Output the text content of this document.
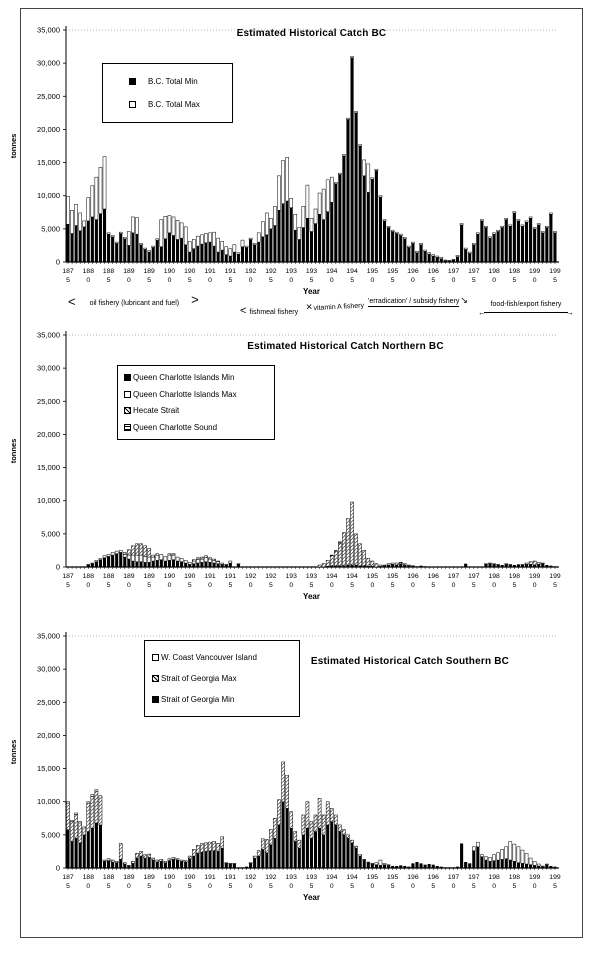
Estimated Historical Catch BC
B.C. Total Min
B.C. Total Max
35,000
30,000
25,000
20,000
15,000
10,000
5,000
0
187
5
188
0
188
5
189
0
189
5
190
0
190
5
191
0
191
5
192
0
192
5
193
0
193
5
194
0
194
5
195
0
195
5
196
0
196
5
197
0
197
5
198
0
198
5
199
0
199
5
Year
tonnes
< oil fishery (lubricant and fuel) >
< fishmeal fishery ×vitamin A fishery
'erradication' / subsidy fishery↘	food-fish/export fishery
←	→
Estimated Historical Catch Northern BC
Queen Charlotte Islands Min
Queen Charlotte Islands Max
Hecate Strait
Queen Charlotte Sound
35,000
30,000
25,000
20,000
15,000
10,000
5,000
0
187
5
188
0
188
5
189
0
189
5
190
0
190
5
191
0
191
5
192
0
192
5
193
0
193
5
194
0
194
5
195
0
195
5
196
0
196
5
197
0
197
5
198
0
198
5
199
0
199
5
Year
tonnes
Estimated Historical Catch Southern BC
W. Coast Vancouver Island
Strait of Georgia Max
Strait of Georgia Min
35,000
30,000
25,000
20,000
15,000
10,000
5,000
0
187
5
188
0
188
5
189
0
189
5
190
0
190
5
191
0
191
5
192
0
192
5
193
0
193
5
194
0
194
5
195
0
195
5
196
0
196
5
197
0
197
5
198
0
198
5
199
0
199
5
Year
tonnes
